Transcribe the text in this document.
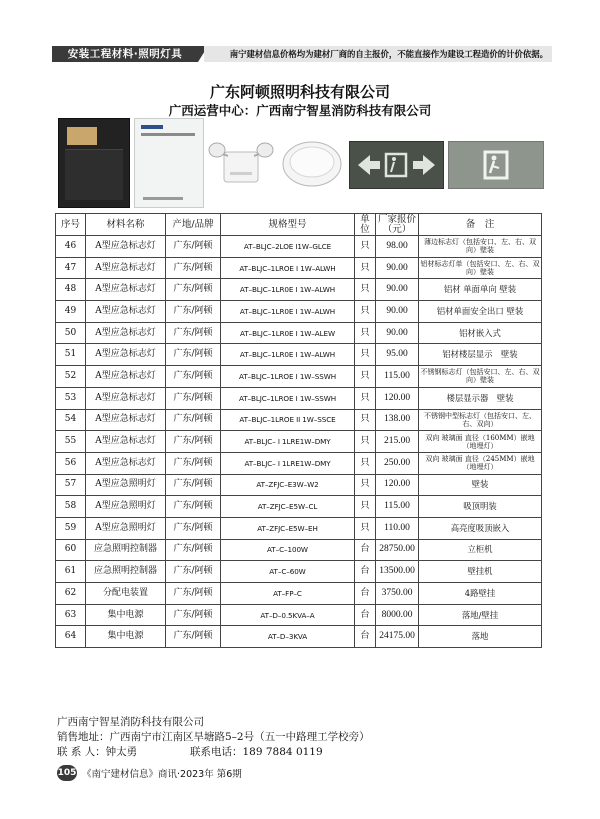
安装工程材料·照明灯具	南宁建材信息价格均为建材厂商的自主报价，不能直接作为建设工程造价的计价依据。
广东阿顿照明科技有限公司
广西运营中心：广西南宁智星消防科技有限公司
序号	材料名称	产地/品牌	规格型号	单位	厂家报价（元）	备　注
46	A型应急标志灯	广东/阿顿	AT–BLJC–2LOE I1W–GLCE	只	98.00	薄边标志灯（包括安口、左、右、双向）壁装
47	A型应急标志灯	广东/阿顿	AT–BLJC–1LROE I 1W–ALWH	只	90.00	铝材标志灯单（包括安口、左、右、双向）壁装
48	A型应急标志灯	广东/阿顿	AT–BLJC–1LR0E I 1W–ALWH	只	90.00	铝材 单面单向 壁装
49	A型应急标志灯	广东/阿顿	AT–BLJC–1LR0E I 1W–ALWH	只	90.00	铝材单面安全出口 壁装
50	A型应急标志灯	广东/阿顿	AT–BLJC–1LR0E I 1W–ALEW	只	90.00	铝材嵌入式
51	A型应急标志灯	广东/阿顿	AT–BLJC–1LR0E I 1W–ALWH	只	95.00	铝材楼层显示　壁装
52	A型应急标志灯	广东/阿顿	AT–BLJC–1LROE I 1W–SSWH	只	115.00	不锈钢标志灯（包括安口、左、右、双向）壁装
53	A型应急标志灯	广东/阿顿	AT–BLJC–1LROE I 1W–SSWH	只	120.00	楼层显示器　壁装
54	A型应急标志灯	广东/阿顿	AT–BLJC–1LROE II 1W–SSCE	只	138.00	不锈钢中型标志灯（包括安口、左、右、双向）
55	A型应急标志灯	广东/阿顿	AT–BLJC– I 1LRE1W–DMY	只	215.00	双向 玻璃面 直径（160MM）嵌地（地埋灯）
56	A型应急标志灯	广东/阿顿	AT–BLJC– I 1LRE1W–DMY	只	250.00	双向 玻璃面 直径（245MM）嵌地（地埋灯）
57	A型应急照明灯	广东/阿顿	AT–ZFJC–E3W–W2	只	120.00	壁装
58	A型应急照明灯	广东/阿顿	AT–ZFJC–E5W–CL	只	115.00	吸顶明装
59	A型应急照明灯	广东/阿顿	AT–ZFJC–E5W–EH	只	110.00	高亮度吸顶嵌入
60	应急照明控制器	广东/阿顿	AT–C–100W	台	28750.00	立柜机
61	应急照明控制器	广东/阿顿	AT–C–60W	台	13500.00	壁挂机
62	分配电装置	广东/阿顿	AT–FP–C	台	3750.00	4路壁挂
63	集中电源	广东/阿顿	AT–D–0.5KVA–A	台	8000.00	落地/壁挂
64	集中电源	广东/阿顿	AT–D–3KVA	台	24175.00	落地
广西南宁智星消防科技有限公司
销售地址：广西南宁市江南区旱塘路5–2号（五一中路理工学校旁）
联 系 人：钟太勇	联系电话：189 7884 0119
105 《南宁建材信息》商讯·2023年 第6期
